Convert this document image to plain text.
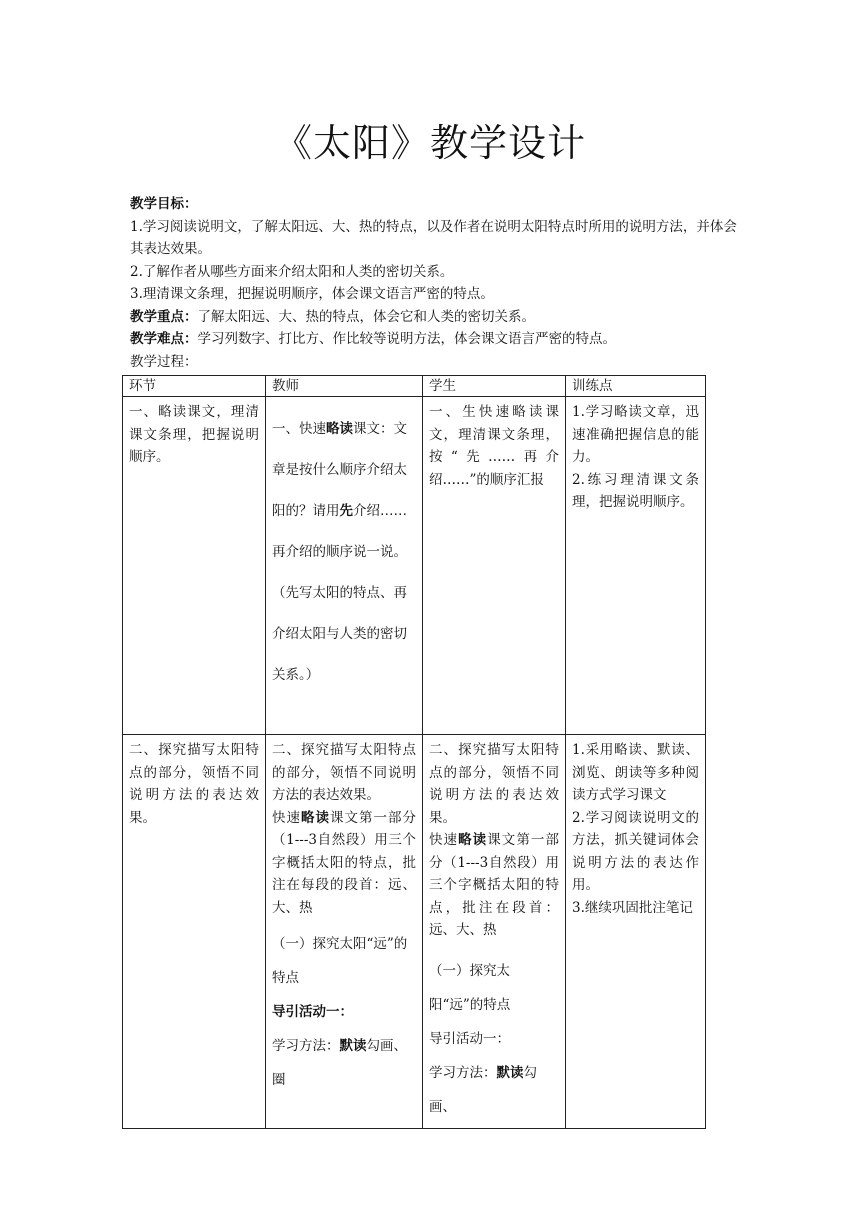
《太阳》教学设计

教学目标：

1.学习阅读说明文，了解太阳远、大、热的特点，以及作者在说明太阳特点时所用的说明方法，并体会其表达效果。

2.了解作者从哪些方面来介绍太阳和人类的密切关系。

3.理清课文条理，把握说明顺序，体会课文语言严密的特点。

教学重点：了解太阳远、大、热的特点，体会它和人类的密切关系。

教学难点：学习列数字、打比方、作比较等说明方法，体会课文语言严密的特点。

教学过程：

环节	教师	学生	训练点
一、略读课文，理清课文条理，把握说明顺序。	一、快速略读课文：文章是按什么顺序介绍太阳的？请用先介绍……再介绍的顺序说一说。（先写太阳的特点、再介绍太阳与人类的密切关系。）	一、生快速略读课文，理清课文条理，按“先……再介绍……”的顺序汇报	1.学习略读文章，迅速准确把握信息的能力。
2.练习理清课文条理，把握说明顺序。

二、探究描写太阳特点的部分，领悟不同说明方法的表达效果。	二、探究描写太阳特点的部分，领悟不同说明方法的表达效果。
快速略读课文第一部分（1---3自然段）用三个字概括太阳的特点，批注在每段的段首：远、大、热
（一）探究太阳“远”的特点
导引活动一：
学习方法：默读勾画、圈	二、探究描写太阳特点的部分，领悟不同说明方法的表达效果。
快速略读课文第一部分（1---3自然段）用三个字概括太阳的特点，批注在段首：远、大、热
（一）探究太阳“远”的特点
导引活动一：
学习方法：默读勾画、	1.采用略读、默读、浏览、朗读等多种阅读方式学习课文
2.学习阅读说明文的方法，抓关键词体会说明方法的表达作用。
3.继续巩固批注笔记
